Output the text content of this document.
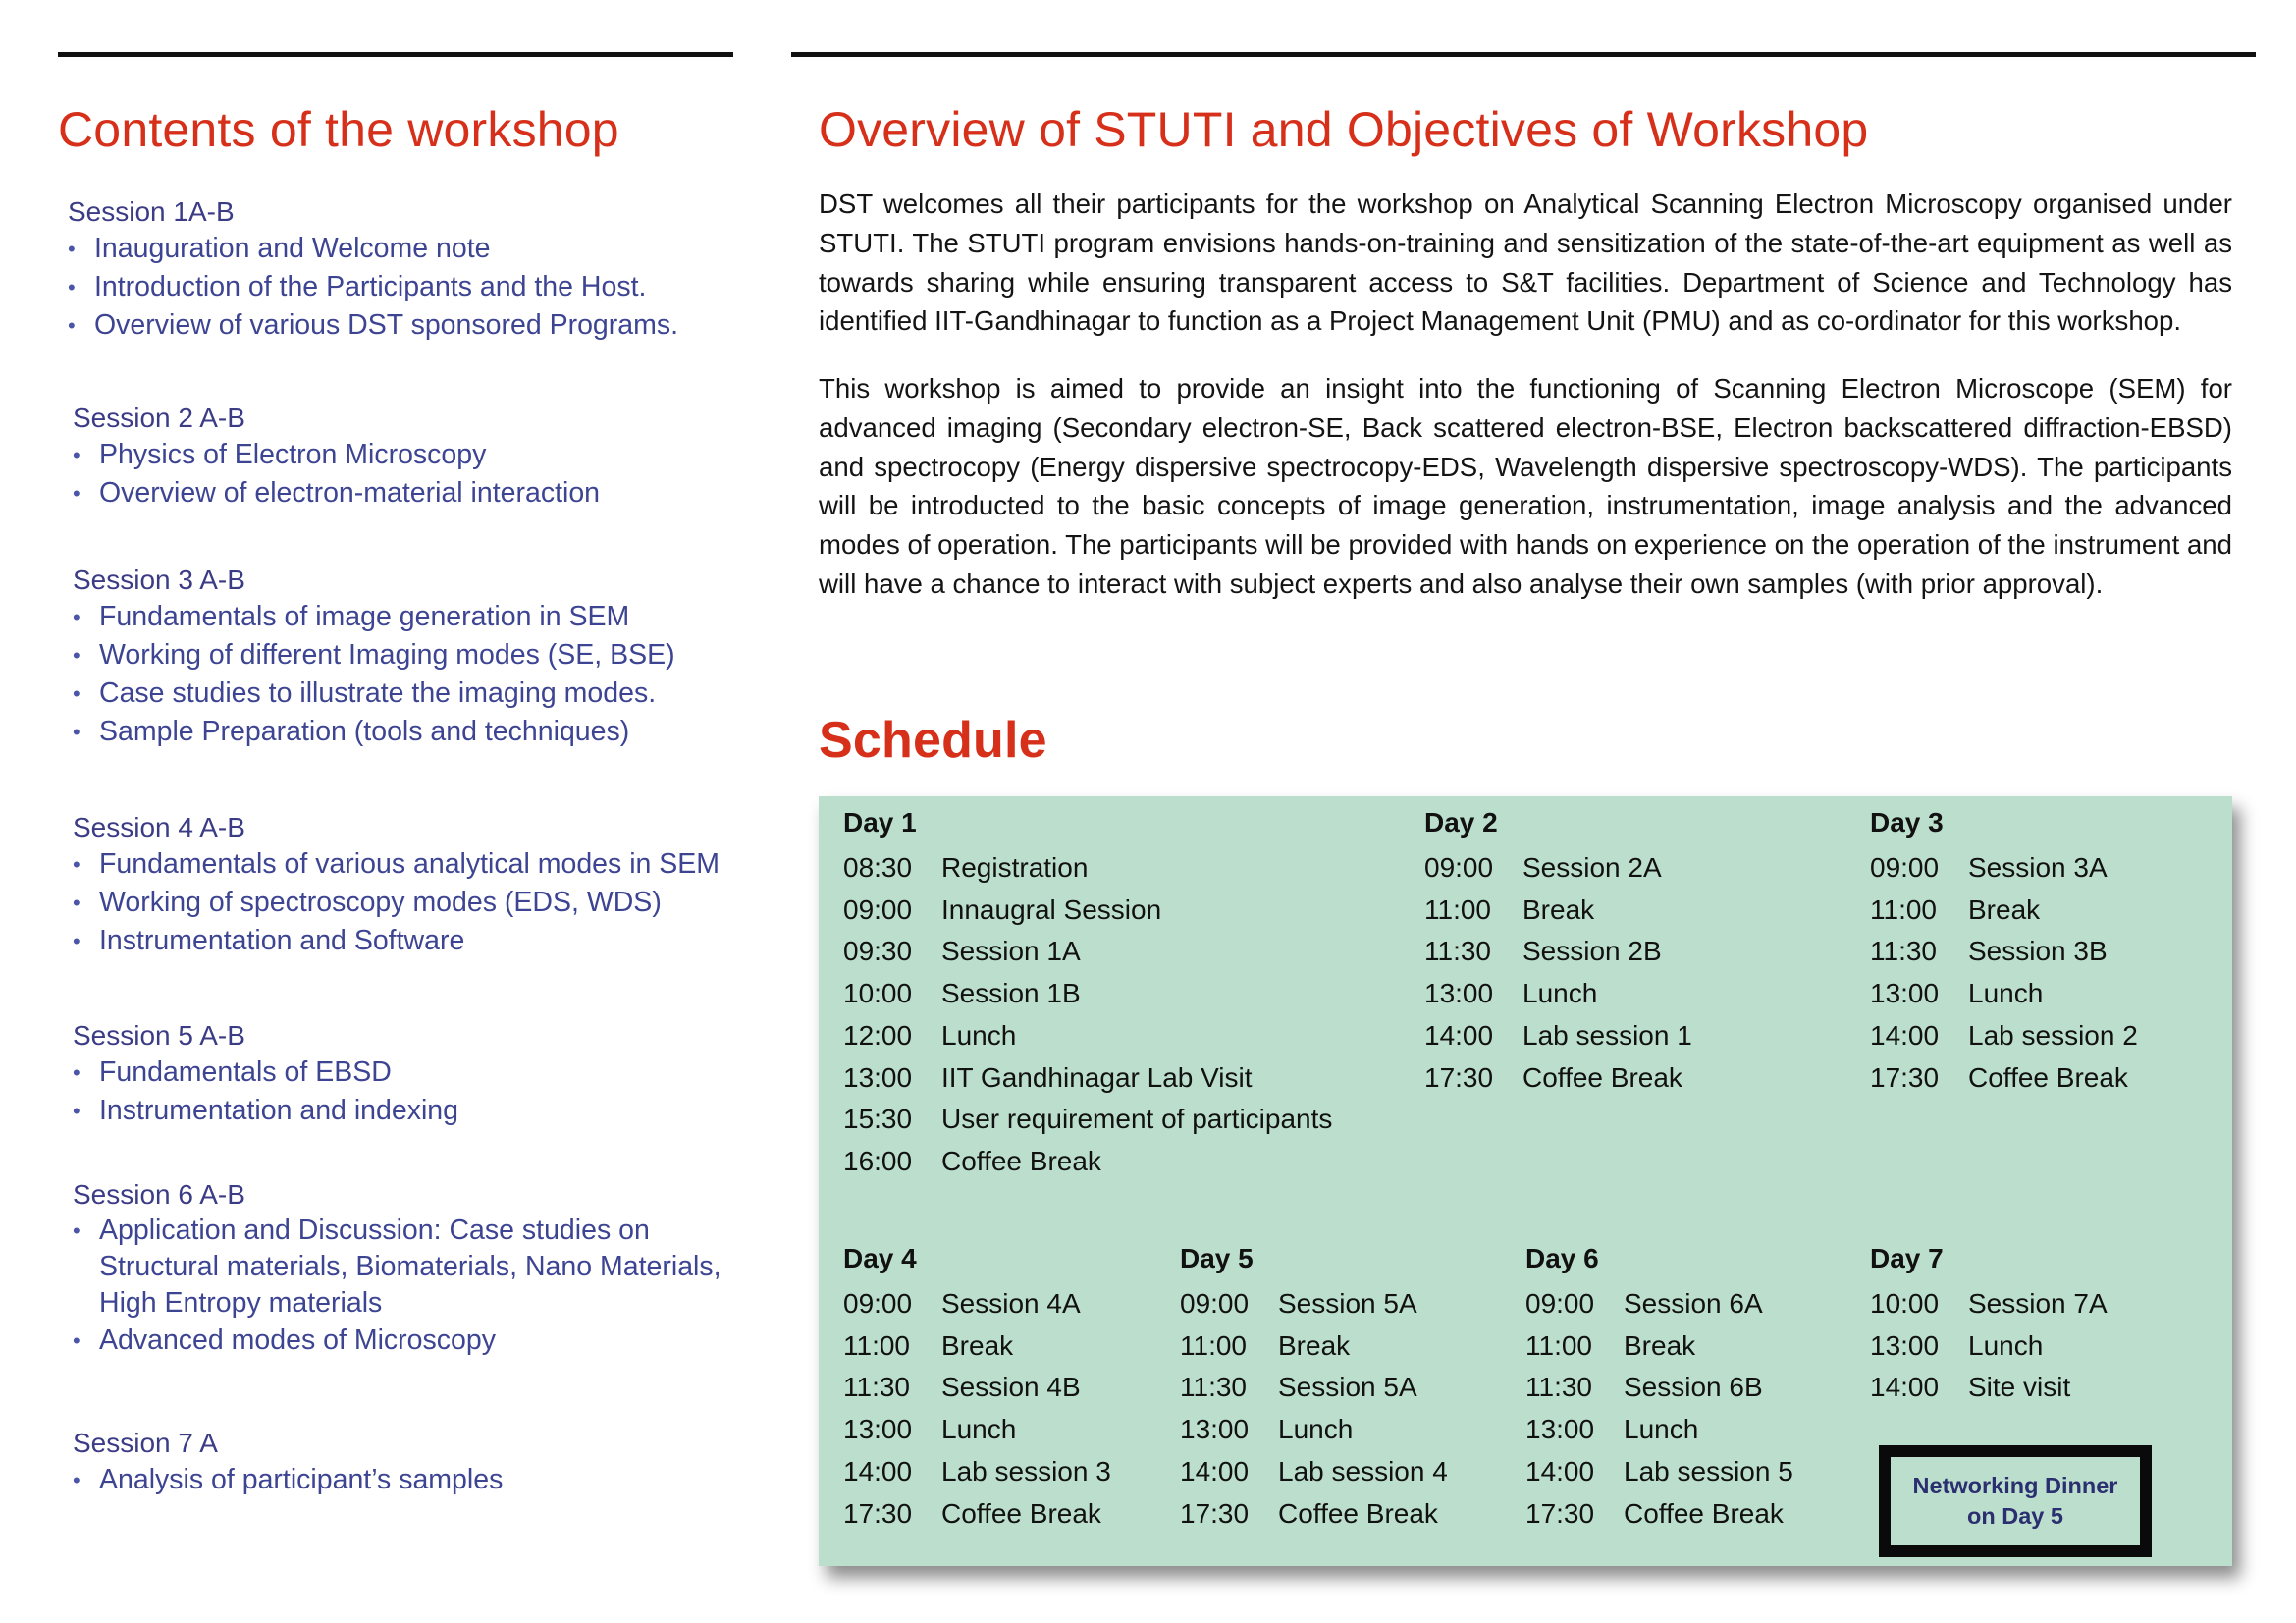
Contents of the workshop
Session 1A-B
• Inauguration and Welcome note
• Introduction of the Participants and the Host.
• Overview of various DST sponsored Programs.
Session 2 A-B
• Physics of Electron Microscopy
• Overview of electron-material interaction
Session 3 A-B
• Fundamentals of image generation in SEM
• Working of different Imaging modes (SE, BSE)
• Case studies to illustrate the imaging modes.
• Sample Preparation (tools and techniques)
Session 4 A-B
• Fundamentals of various analytical modes in SEM
• Working of spectroscopy modes (EDS, WDS)
• Instrumentation and Software
Session 5 A-B
• Fundamentals of EBSD
• Instrumentation and indexing
Session 6 A-B
• Application and Discussion: Case studies on
Structural materials, Biomaterials, Nano Materials,
High Entropy materials
• Advanced modes of Microscopy
Session 7 A
• Analysis of participant’s samples
Overview of STUTI and Objectives of Workshop

DST welcomes all their participants for the workshop on Analytical Scanning Electron Microscopy organised under STUTI. The STUTI program envisions hands-on-training and sensitization of the state-of-the-art equipment as well as towards sharing while ensuring transparent access to S&T facilities. Department of Science and Technology has identified IIT-Gandhinagar to function as a Project Management Unit (PMU) and as co-ordinator for this workshop.

This workshop is aimed to provide an insight into the functioning of Scanning Electron Microscope (SEM) for advanced imaging (Secondary electron-SE, Back scattered electron-BSE, Electron backscattered diffraction-EBSD) and spectrocopy (Energy dispersive spectrocopy-EDS, Wavelength dispersive spectroscopy-WDS). The participants will be introducted to the basic concepts of image generation, instrumentation, image analysis and the advanced modes of operation. The participants will be provided with hands on experience on the operation of the instrument and will have a chance to interact with subject experts and also analyse their own samples (with prior approval).

Schedule
Day 1
08:30	Registration
09:00	Innaugral Session
09:30	Session 1A
10:00	Session 1B
12:00	Lunch
13:00	IIT Gandhinagar Lab Visit
15:30	User requirement of participants
16:00	Coffee Break
Day 2
09:00	Session 2A
11:00	Break
11:30	Session 2B
13:00	Lunch
14:00	Lab session 1
17:30	Coffee Break
Day 3
09:00	Session 3A
11:00	Break
11:30	Session 3B
13:00	Lunch
14:00	Lab session 2
17:30	Coffee Break
Day 4
09:00	Session 4A
11:00	Break
11:30	Session 4B
13:00	Lunch
14:00	Lab session 3
17:30	Coffee Break
Day 5
09:00	Session 5A
11:00	Break
11:30	Session 5A
13:00	Lunch
14:00	Lab session 4
17:30	Coffee Break
Day 6
09:00	Session 6A
11:00	Break
11:30	Session 6B
13:00	Lunch
14:00	Lab session 5
17:30	Coffee Break
Day 7
10:00	Session 7A
13:00	Lunch
14:00	Site visit
Networking Dinner
on Day 5
